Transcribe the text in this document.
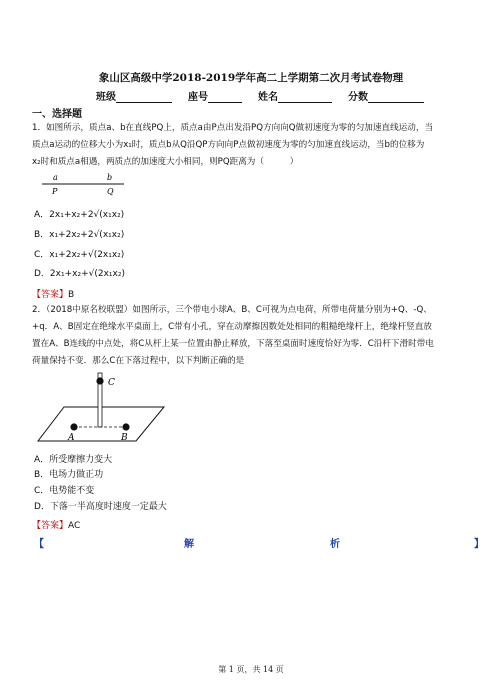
象山区高级中学2018-2019学年高二上学期第二次月考试卷物理
班级	座号	姓名	分数
一、选择题
1．如图所示，质点a、b在直线PQ上，质点a由P点出发沿PQ方向向Q做初速度为零的匀加速直线运动，当
质点a运动的位移大小为x₁时，质点b从Q沿QP方向向P点做初速度为零的匀加速直线运动，当b的位移为
x₂时和质点a相遇，两质点的加速度大小相同，则PQ距离为（　　　）
a
P
b
Q
A．2x₁+x₂+2√(x₁x₂)
B．x₁+2x₂+2√(x₁x₂)
C．x₁+2x₂+√(2x₁x₂)
D．2x₁+x₂+√(2x₁x₂)
【答案】B
2．（2018中原名校联盟）如图所示，三个带电小球A、B、C可视为点电荷，所带电荷量分别为+Q、-Q、
+q．A、B固定在绝缘水平桌面上，C带有小孔，穿在动摩擦因数处处相同的粗糙绝缘杆上，绝缘杆竖直放
置在A、B连线的中点处，将C从杆上某一位置由静止释放，下落至桌面时速度恰好为零．C沿杆下滑时带电
荷量保持不变．那么C在下落过程中，以下判断正确的是
C
A	B
A．所受摩擦力变大
B．电场力做正功
C．电势能不变
D．下落一半高度时速度一定最大
【答案】AC
【	解	析	】
第 1 页，共 14 页
